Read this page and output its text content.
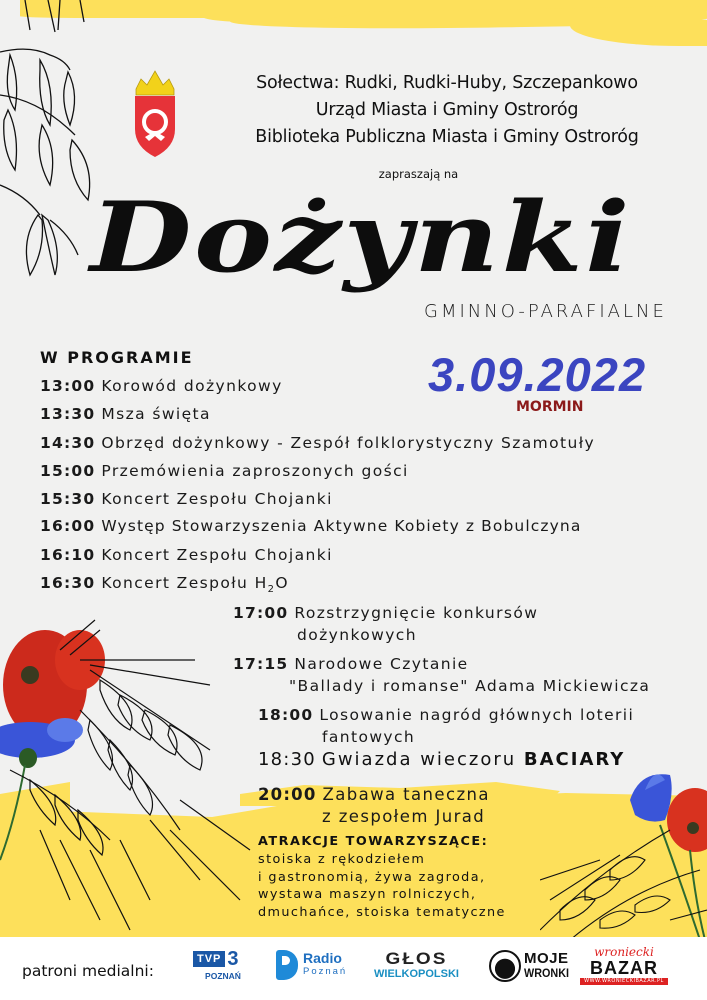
Sołectwa: Rudki, Rudki-Huby, Szczepankowo
Urząd Miasta i Gminy Ostroróg
Biblioteka Publiczna Miasta i Gminy Ostroróg
zapraszają na
Dożynki
GMINNO-PARAFIALNE
3.09.2022
MORMIN
W PROGRAMIE
13:00 Korowód dożynkowy
13:30 Msza święta
14:30 Obrzęd dożynkowy - Zespół folklorystyczny Szamotuły
15:00 Przemówienia zaproszonych gości
15:30 Koncert Zespołu Chojanki
16:00 Występ Stowarzyszenia Aktywne Kobiety z Bobulczyna
16:10 Koncert Zespołu Chojanki
16:30 Koncert Zespołu $H_2O$
17:00 Rozstrzygnięcie konkursów
dożynkowych
17:15 Narodowe Czytanie
"Ballady i romanse" Adama Mickiewicza
18:00 Losowanie nagród głównych loterii
fantowych
18:30 Gwiazda wieczoru BACIARY
20:00 Zabawa taneczna
z zespołem Jurad
ATRAKCJE TOWARZYSZĄCE:
stoiska z rękodziełem
i gastronomią, żywa zagroda,
wystawa maszyn rolniczych,
dmuchańce, stoiska tematyczne
patroni medialni:
TVP 3
POZNAŃ
Radio
Poznań
GŁOS
WIELKOPOLSKI
MOJE
WRONKI
wroniecki
BAZAR
WWW.WRONIECKIBAZAR.PL
